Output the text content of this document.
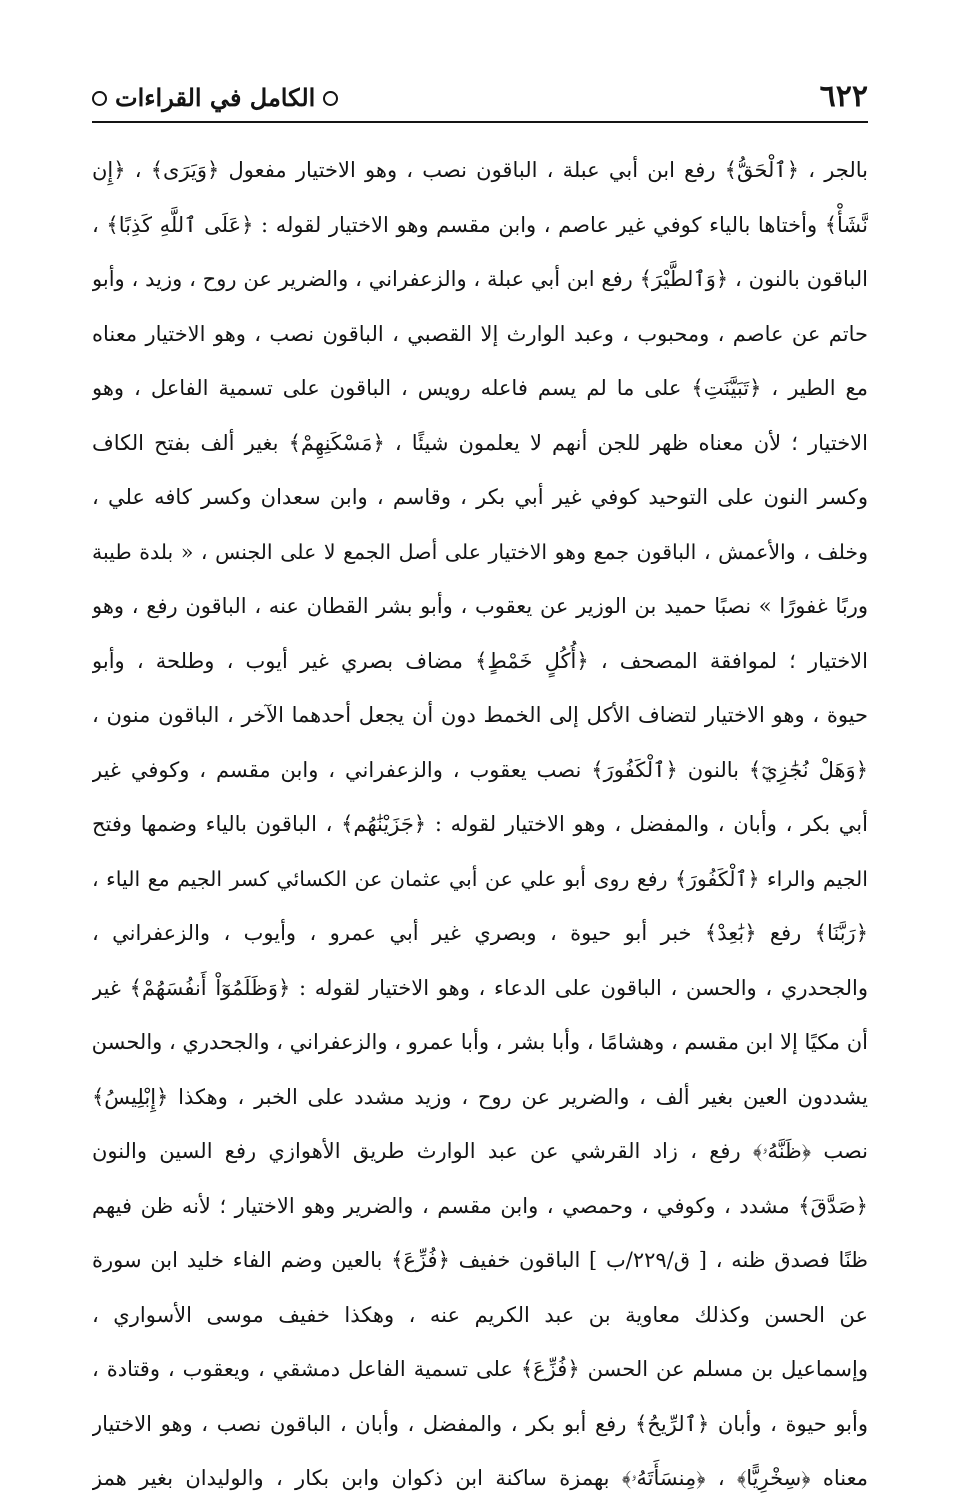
٦٢٢
الكامل في القراءات
بالجر ، ﴿ٱلْحَقُّ﴾ رفع ابن أبي عبلة ، الباقون نصب ، وهو الاختيار مفعول ﴿وَيَرَى﴾ ، ﴿إِن
نَّشَأْ﴾ وأختاها بالياء كوفي غير عاصم ، وابن مقسم وهو الاختيار لقوله : ﴿عَلَى ٱللَّهِ كَذِبًا﴾ ،
الباقون بالنون ، ﴿وَٱلطَّيْرَ﴾ رفع ابن أبي عبلة ، والزعفراني ، والضرير عن روح ، وزيد ، وأبو
حاتم عن عاصم ، ومحبوب ، وعبد الوارث إلا القصبي ، الباقون نصب ، وهو الاختيار معناه
مع الطير ، ﴿تَبَيَّنَتِ﴾ على ما لم يسم فاعله رويس ، الباقون على تسمية الفاعل ، وهو
الاختيار ؛ لأن معناه ظهر للجن أنهم لا يعلمون شيئًا ، ﴿مَسْكَنِهِمْ﴾ بغير ألف بفتح الكاف
وكسر النون على التوحيد كوفي غير أبي بكر ، وقاسم ، وابن سعدان وكسر كافه علي ،
وخلف ، والأعمش ، الباقون جمع وهو الاختيار على أصل الجمع لا على الجنس ، « بلدة طيبة
وربًا غفورًا » نصبًا حميد بن الوزير عن يعقوب ، وأبو بشر القطان عنه ، الباقون رفع ، وهو
الاختيار ؛ لموافقة المصحف ، ﴿أُكُلٍ خَمْطٍ﴾ مضاف بصري غير أيوب ، وطلحة ، وأبو
حيوة ، وهو الاختيار لتضاف الأكل إلى الخمط دون أن يجعل أحدهما الآخر ، الباقون منون ،
﴿وَهَلْ نُجَٰزِيٓ﴾ بالنون ﴿ٱلْكَفُورَ﴾ نصب يعقوب ، والزعفراني ، وابن مقسم ، وكوفي غير
أبي بكر ، وأبان ، والمفضل ، وهو الاختيار لقوله : ﴿جَزَيْنَٰهُم﴾ ، الباقون بالياء وضمها وفتح
الجيم والراء ﴿ٱلْكَفُورَ﴾ رفع روى أبو علي عن أبي عثمان عن الكسائي كسر الجيم مع الياء ،
﴿رَبَّنَا﴾ رفع ﴿بَٰعِدْ﴾ خبر أبو حيوة ، وبصري غير أبي عمرو ، وأيوب ، والزعفراني ،
والجحدري ، والحسن ، الباقون على الدعاء ، وهو الاختيار لقوله : ﴿وَظَلَمُوٓاْ أَنفُسَهُمْ﴾ غير
أن مكيًا إلا ابن مقسم ، وهشامًا ، وأبا بشر ، وأبا عمرو ، والزعفراني ، والجحدري ، والحسن
يشددون العين بغير ألف ، والضرير عن روح ، وزيد مشدد على الخبر ، وهكذا ﴿إِبْلِيسُ﴾
نصب ﴿ظَنَّهُۥ﴾ رفع ، زاد القرشي عن عبد الوارث طريق الأهوازي رفع السين والنون
﴿صَدَّقَ﴾ مشدد ، وكوفي ، وحمصي ، وابن مقسم ، والضرير وهو الاختيار ؛ لأنه ظن فيهم
ظنًا فصدق ظنه ، [ ق/٢٢٩/ب ] الباقون خفيف ﴿فُزِّعَ﴾ بالعين وضم الفاء خليد ابن سورة
عن الحسن وكذلك معاوية بن عبد الكريم عنه ، وهكذا خفيف موسى الأسواري ،
وإسماعيل بن مسلم عن الحسن ﴿فُزِّعَ﴾ على تسمية الفاعل دمشقي ، ويعقوب ، وقتادة ،
وأبو حيوة ، وأبان ﴿ٱلرِّيحُ﴾ رفع أبو بكر ، والمفضل ، وأبان ، الباقون نصب ، وهو الاختيار
معناه ﴿سِخْرِيًّا﴾ ، ﴿مِنسَأَتَهُۥ﴾ بهمزة ساكنة ابن ذكوان وابن بكار ، والوليدان بغير همز
